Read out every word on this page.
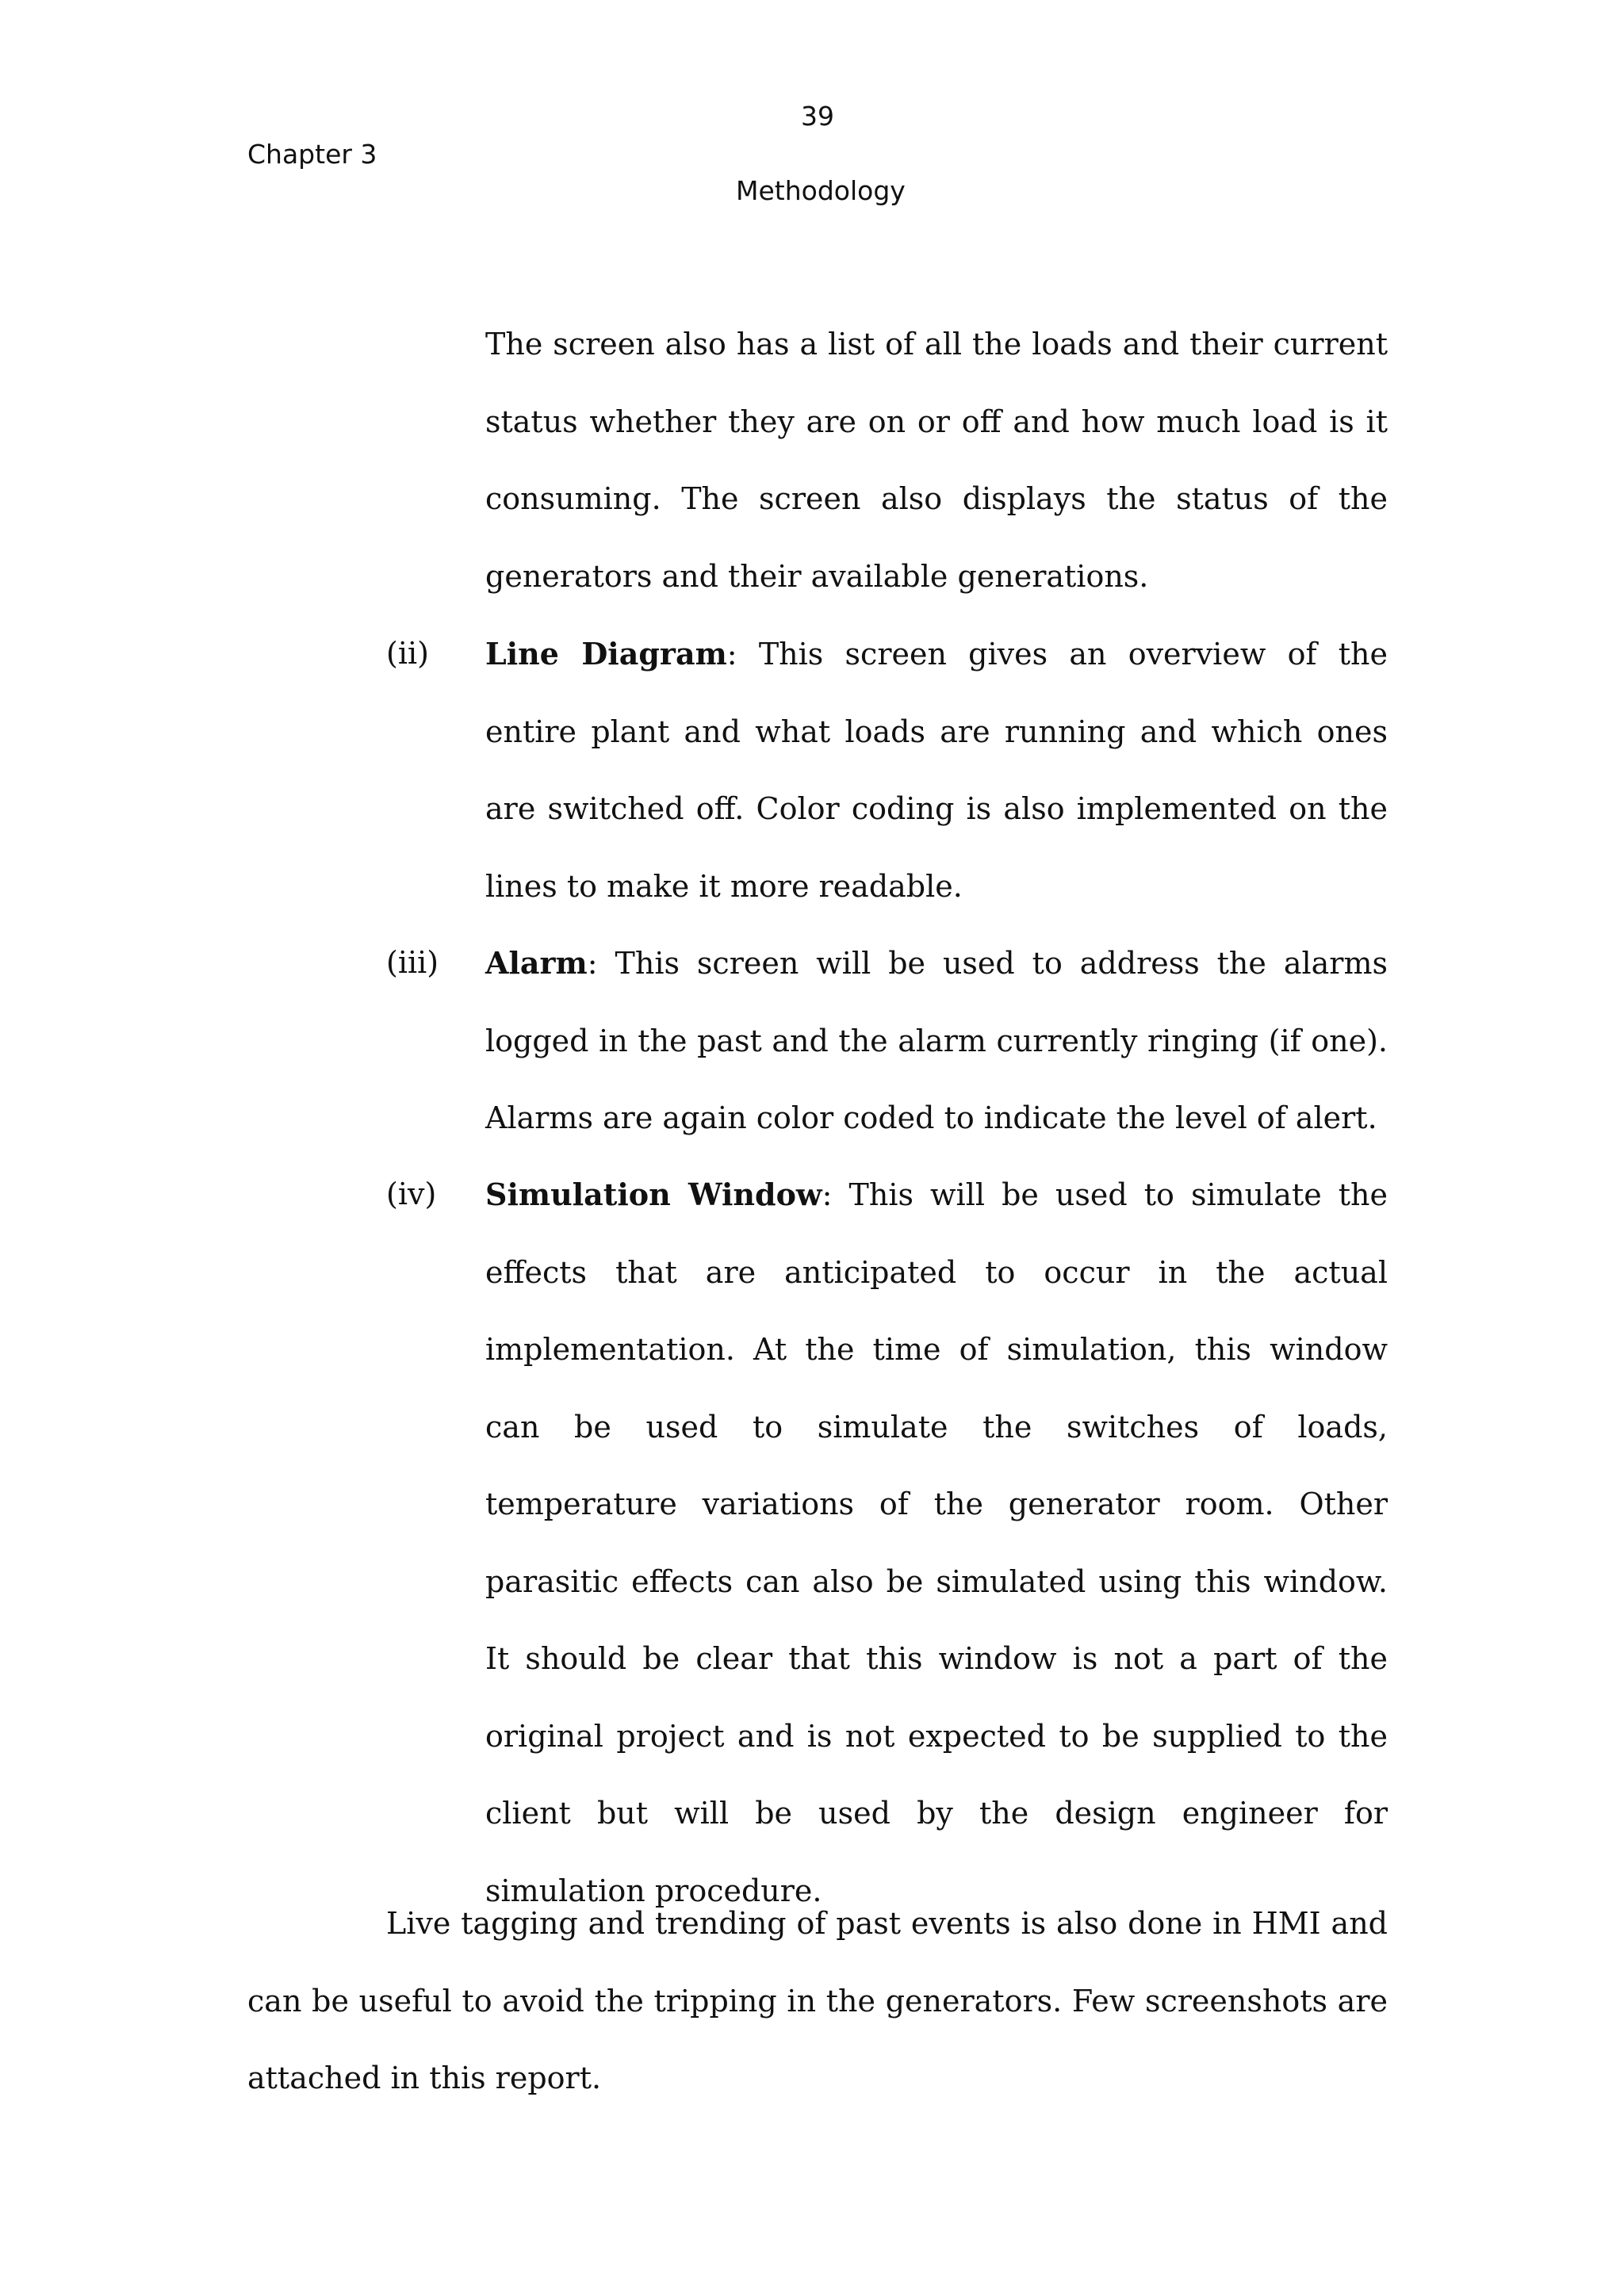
39
Chapter 3
Methodology

The screen also has a list of all the loads and their current status whether they are on or off and how much load is it consuming. The screen also displays the status of the generators and their available generations.

(ii) Line Diagram: This screen gives an overview of the entire plant and what loads are running and which ones are switched off. Color coding is also implemented on the lines to make it more readable.

(iii) Alarm: This screen will be used to address the alarms logged in the past and the alarm currently ringing (if one). Alarms are again color coded to indicate the level of alert.

(iv) Simulation Window: This will be used to simulate the effects that are anticipated to occur in the actual implementation. At the time of simulation, this window can be used to simulate the switches of loads, temperature variations of the generator room. Other parasitic effects can also be simulated using this window. It should be clear that this window is not a part of the original project and is not expected to be supplied to the client but will be used by the design engineer for simulation procedure.

Live tagging and trending of past events is also done in HMI and can be useful to avoid the tripping in the generators. Few screenshots are attached in this report.
